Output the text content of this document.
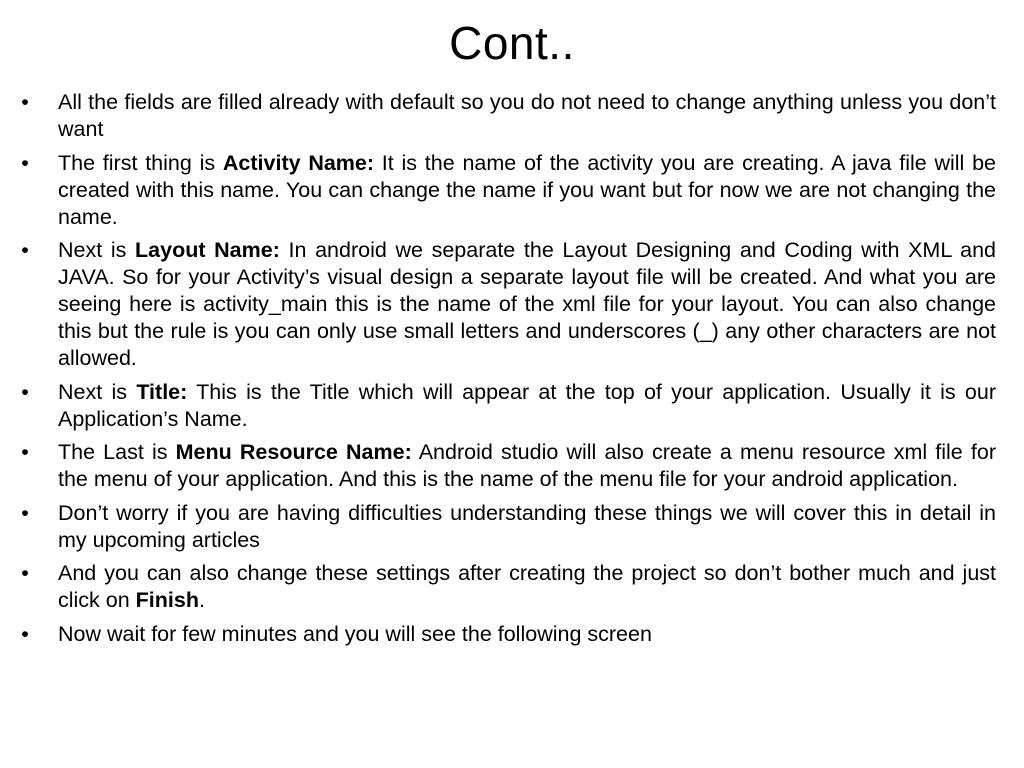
Cont..
• All the fields are filled already with default so you do not need to change anything unless you don’t want
• The first thing is Activity Name: It is the name of the activity you are creating. A java file will be created with this name. You can change the name if you want but for now we are not changing the name.
• Next is Layout Name: In android we separate the Layout Designing and Coding with XML and JAVA. So for your Activity’s visual design a separate layout file will be created. And what you are seeing here is activity_main this is the name of the xml file for your layout. You can also change this but the rule is you can only use small letters and underscores (_) any other characters are not allowed.
• Next is Title: This is the Title which will appear at the top of your application. Usually it is our Application’s Name.
• The Last is Menu Resource Name: Android studio will also create a menu resource xml file for the menu of your application. And this is the name of the menu file for your android application.
• Don’t worry if you are having difficulties understanding these things we will cover this in detail in my upcoming articles
• And you can also change these settings after creating the project so don’t bother much and just click on Finish.
• Now wait for few minutes and you will see the following screen
